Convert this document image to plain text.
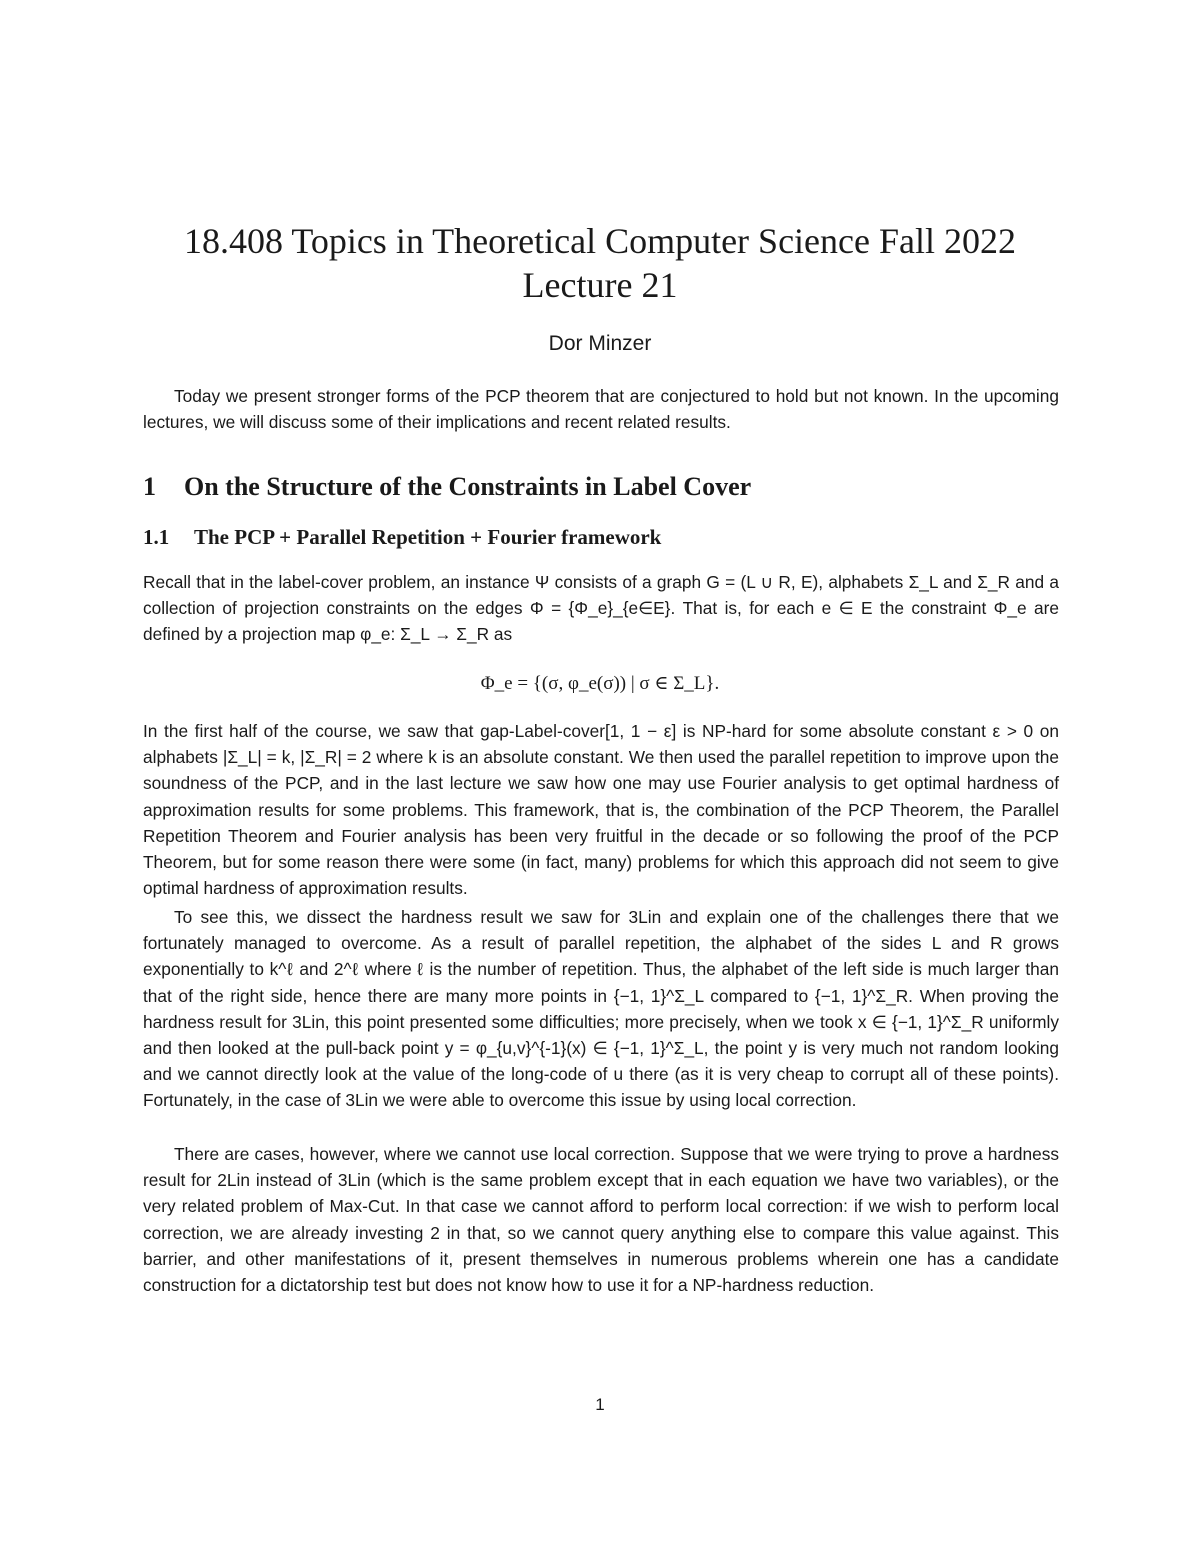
18.408 Topics in Theoretical Computer Science Fall 2022
Lecture 21
Dor Minzer

Today we present stronger forms of the PCP theorem that are conjectured to hold but not known. In the upcoming lectures, we will discuss some of their implications and recent related results.

1 On the Structure of the Constraints in Label Cover
1.1 The PCP + Parallel Repetition + Fourier framework

Recall that in the label-cover problem, an instance Ψ consists of a graph G = (L ∪ R, E), alphabets Σ_L and Σ_R and a collection of projection constraints on the edges Φ = {Φ_e}_{e∈E}. That is, for each e ∈ E the constraint Φ_e are defined by a projection map φ_e: Σ_L → Σ_R as

Φ_e = {(σ, φ_e(σ)) | σ ∈ Σ_L}.

In the first half of the course, we saw that gap-Label-cover[1, 1 − ε] is NP-hard for some absolute constant ε > 0 on alphabets |Σ_L| = k, |Σ_R| = 2 where k is an absolute constant. We then used the parallel repetition to improve upon the soundness of the PCP, and in the last lecture we saw how one may use Fourier analysis to get optimal hardness of approximation results for some problems. This framework, that is, the combination of the PCP Theorem, the Parallel Repetition Theorem and Fourier analysis has been very fruitful in the decade or so following the proof of the PCP Theorem, but for some reason there were some (in fact, many) problems for which this approach did not seem to give optimal hardness of approximation results.

To see this, we dissect the hardness result we saw for 3Lin and explain one of the challenges there that we fortunately managed to overcome. As a result of parallel repetition, the alphabet of the sides L and R grows exponentially to k^ℓ and 2^ℓ where ℓ is the number of repetition. Thus, the alphabet of the left side is much larger than that of the right side, hence there are many more points in {−1, 1}^Σ_L compared to {−1, 1}^Σ_R. When proving the hardness result for 3Lin, this point presented some difficulties; more precisely, when we took x ∈ {−1, 1}^Σ_R uniformly and then looked at the pull-back point y = φ_{u,v}^{-1}(x) ∈ {−1, 1}^Σ_L, the point y is very much not random looking and we cannot directly look at the value of the long-code of u there (as it is very cheap to corrupt all of these points). Fortunately, in the case of 3Lin we were able to overcome this issue by using local correction.

There are cases, however, where we cannot use local correction. Suppose that we were trying to prove a hardness result for 2Lin instead of 3Lin (which is the same problem except that in each equation we have two variables), or the very related problem of Max-Cut. In that case we cannot afford to perform local correction: if we wish to perform local correction, we are already investing 2 in that, so we cannot query anything else to compare this value against. This barrier, and other manifestations of it, present themselves in numerous problems wherein one has a candidate construction for a dictatorship test but does not know how to use it for a NP-hardness reduction.

1
